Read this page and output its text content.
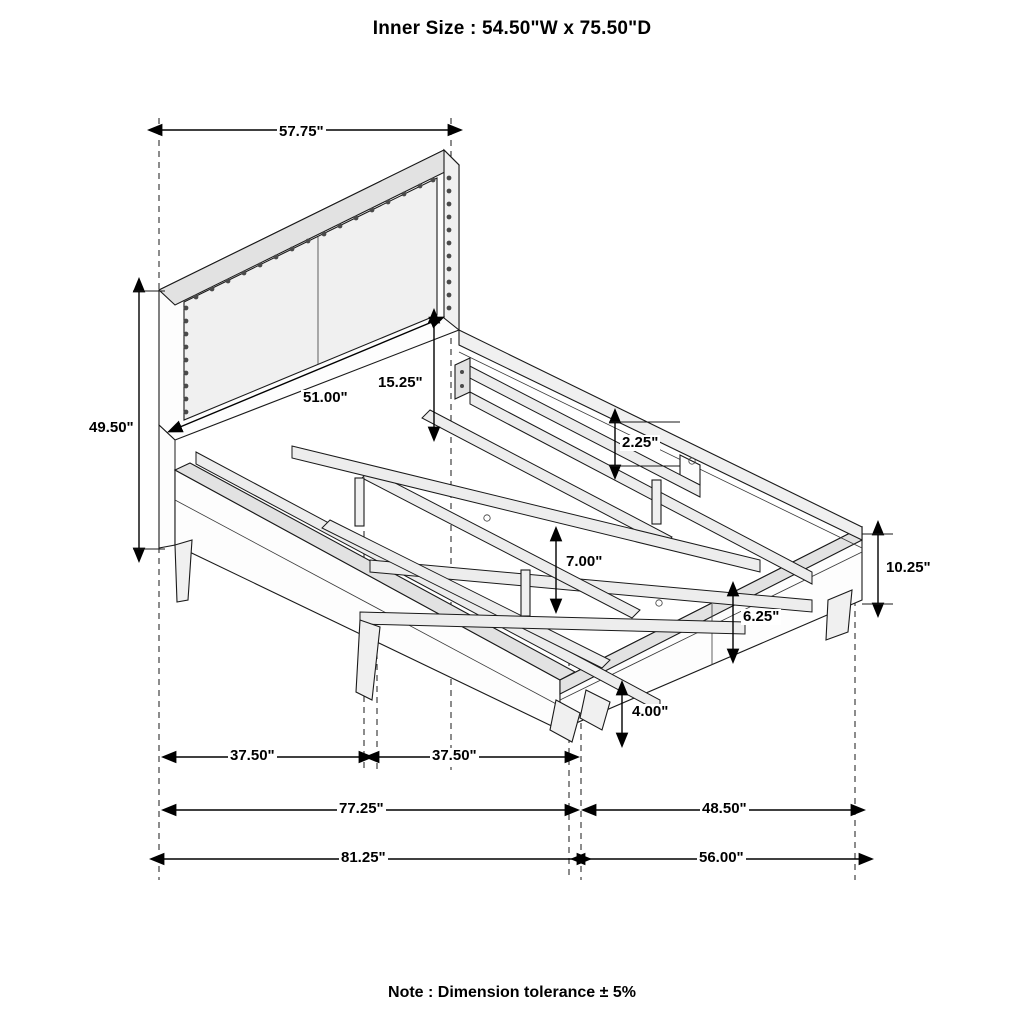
Inner Size : 54.50"W x 75.50"D
Note : Dimension tolerance ± 5%
57.75"
49.50"
51.00"
15.25"
2.25"
7.00"	10.25"
6.25"
4.00"
37.50"	37.50"
77.25"	48.50"
81.25"	56.00"
